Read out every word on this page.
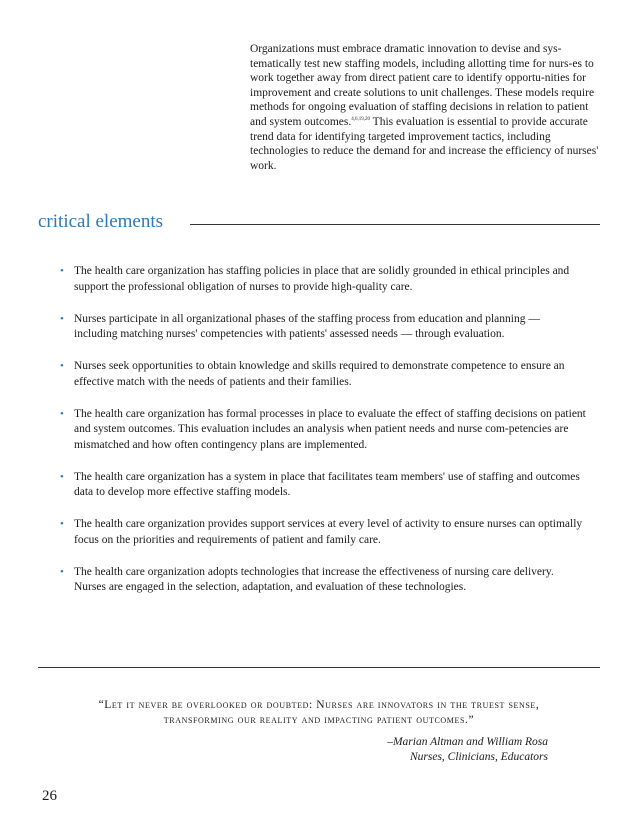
Organizations must embrace dramatic innovation to devise and sys-tematically test new staffing models, including allotting time for nurs-es to work together away from direct patient care to identify opportu-nities for improvement and create solutions to unit challenges. These models require methods for ongoing evaluation of staffing decisions in relation to patient and system outcomes.$^{4,6,19,20}$ This evaluation is essential to provide accurate trend data for identifying targeted improvement tactics, including technologies to reduce the demand for and increase the efficiency of nurses' work.

critical elements
• The health care organization has staffing policies in place that are solidly grounded in ethical principles and support the professional obligation of nurses to provide high-quality care.
• Nurses participate in all organizational phases of the staffing process from education and planning — including matching nurses' competencies with patients' assessed needs — through evaluation.
• Nurses seek opportunities to obtain knowledge and skills required to demonstrate competence to ensure an effective match with the needs of patients and their families.
• The health care organization has formal processes in place to evaluate the effect of staffing decisions on patient and system outcomes. This evaluation includes an analysis when patient needs and nurse com-petencies are mismatched and how often contingency plans are implemented.
• The health care organization has a system in place that facilitates team members' use of staffing and outcomes data to develop more effective staffing models.
• The health care organization provides support services at every level of activity to ensure nurses can optimally focus on the priorities and requirements of patient and family care.
• The health care organization adopts technologies that increase the effectiveness of nursing care delivery. Nurses are engaged in the selection, adaptation, and evaluation of these technologies.

“Let it never be overlooked or doubted: Nurses are innovators in the truest sense, transforming our reality and impacting patient outcomes.”

–Marian Altman and William Rosa
Nurses, Clinicians, Educators

26
